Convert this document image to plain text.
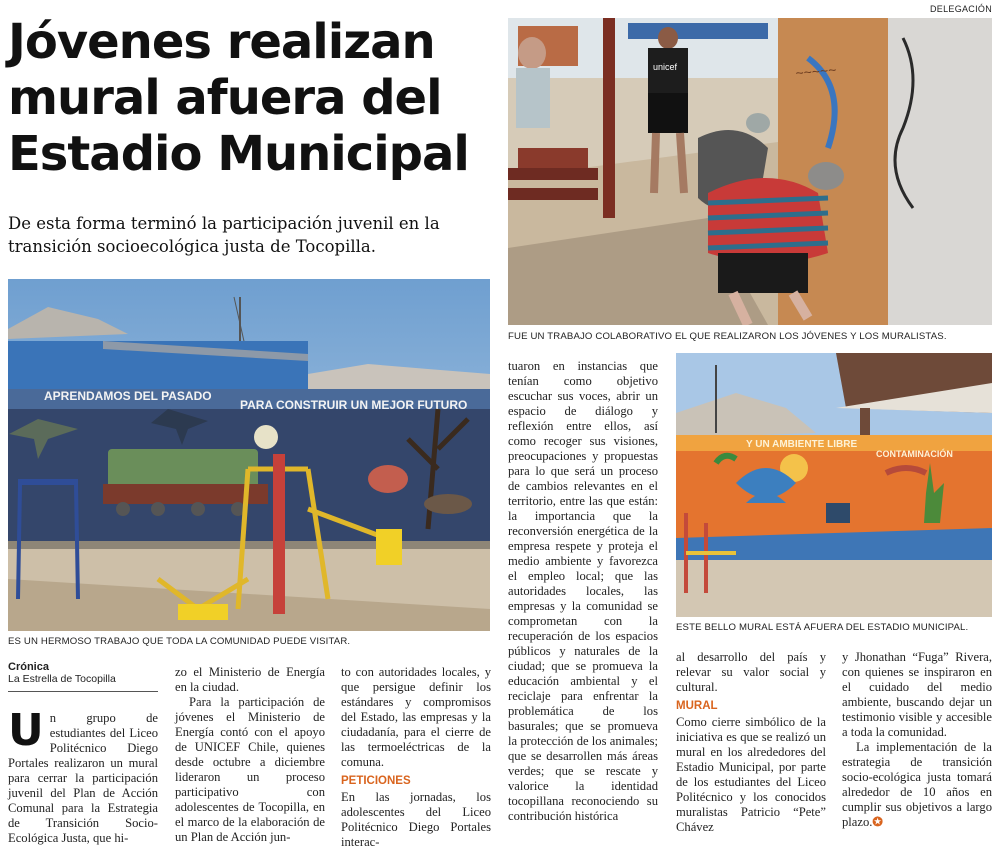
DELEGACIÓN
Jóvenes realizan
mural afuera del
Estadio Municipal

De esta forma terminó la participación juvenil en la transición socioecológica justa de Tocopilla.

APRENDAMOS DEL PASADO
PARA CONSTRUIR UN MEJOR FUTURO
ES UN HERMOSO TRABAJO QUE TODA LA COMUNIDAD PUEDE VISITAR.
~~~~~
unicef
FUE UN TRABAJO COLABORATIVO EL QUE REALIZARON LOS JÓVENES Y LOS MURALISTAS.
Y UN AMBIENTE LIBRE
CONTAMINACIÓN
ESTE BELLO MURAL ESTÁ AFUERA DEL ESTADIO MUNICIPAL.
Crónica
La Estrella de Tocopilla
U n grupo de estudiantes del Liceo Politécnico Diego Portales realizaron un mural para cerrar la participación juvenil del Plan de Acción Comunal para la Estrategia de Transición Socio-Ecológica Justa, que hi-

zo el Ministerio de Energía en la ciudad.

Para la participación de jóvenes el Ministerio de Energía contó con el apoyo de UNICEF Chile, quienes desde octubre a diciembre lideraron un proceso participativo con adolescentes de Tocopilla, en el marco de la elaboración de un Plan de Acción jun-

to con autoridades locales, y que persigue definir los estándares y compromisos del Estado, las empresas y la ciudadanía, para el cierre de las termoeléctricas de la comuna.

PETICIONES

En las jornadas, los adolescentes del Liceo Politécnico Diego Portales interac-

tuaron en instancias que tenían como objetivo escuchar sus voces, abrir un espacio de diálogo y reflexión entre ellos, así como recoger sus visiones, preocupaciones y propuestas para lo que será un proceso de cambios relevantes en el territorio, entre las que están: la importancia que la reconversión energética de la empresa respete y proteja el medio ambiente y favorezca el empleo local; que las autoridades locales, las empresas y la comunidad se comprometan con la recuperación de los espacios públicos y naturales de la ciudad; que se promueva la educación ambiental y el reciclaje para enfrentar la problemática de los basurales; que se promueva la protección de los animales; que se desarrollen más áreas verdes; que se rescate y valorice la identidad tocopillana reconociendo su contribución histórica

al desarrollo del país y relevar su valor social y cultural.

MURAL

Como cierre simbólico de la iniciativa es que se realizó un mural en los alrededores del Estadio Municipal, por parte de los estudiantes del Liceo Politécnico y los conocidos muralistas Patricio “Pete” Chávez

y Jhonathan “Fuga” Rivera, con quienes se inspiraron en el cuidado del medio ambiente, buscando dejar un testimonio visible y accesible a toda la comunidad.

La implementación de la estrategia de transición socio-ecológica justa tomará alrededor de 10 años en cumplir sus objetivos a largo plazo.✪
